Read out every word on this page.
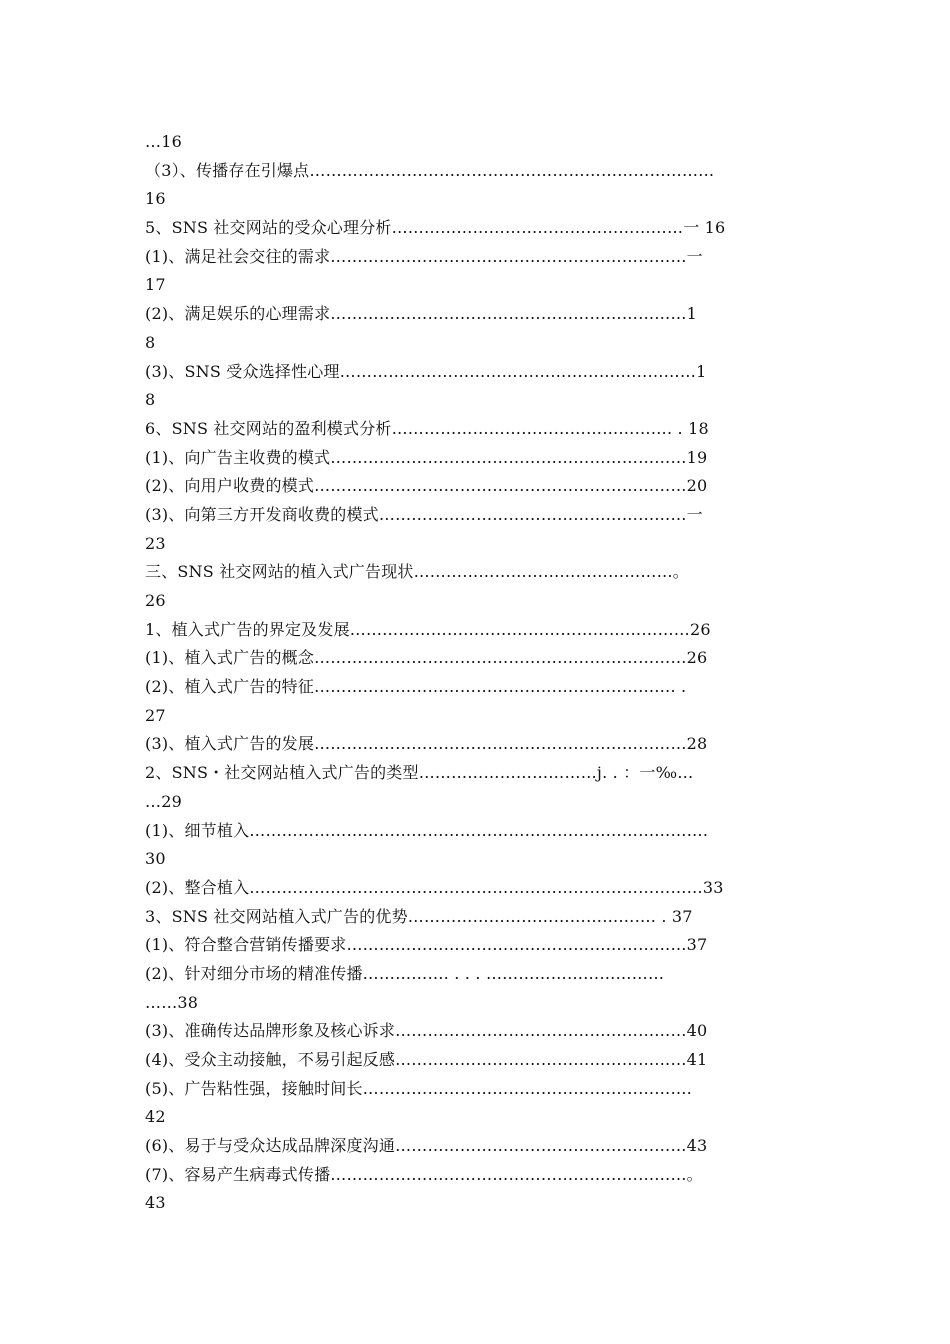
…16
（3）、传播存在引爆点…………………………………………………………………
16
5、SNS 社交网站的受众心理分析………………………………………………一 16
(1)、满足社会交往的需求…………………………………………………………一
17
(2)、满足娱乐的心理需求…………………………………………………………1
8
(3)、SNS 受众选择性心理…………………………………………………………1
8
6、SNS 社交网站的盈利模式分析……………………………………………. . 18
(1)、向广告主收费的模式…………………………………………………………19
(2)、向用户收费的模式……………………………………………………………20
(3)、向第三方开发商收费的模式…………………………………………………一
23
三、SNS 社交网站的植入式广告现状…………………………………………。
26
1、植入式广告的界定及发展………………………………………………………26
(1)、植入式广告的概念……………………………………………………………26
(2)、植入式广告的特征…………………………………………………………. .
27
(3)、植入式广告的发展……………………………………………………………28
2、SNS・社交网站植入式广告的类型……………………………j. . ：一‰…
…29
(1)、细节植入………………………………………………………………………….
30
(2)、整合植入…………………………………………………………………………33
3、SNS 社交网站植入式广告的优势………………………………………. . 37
(1)、符合整合营销传播要求………………………………………………………37
(2)、针对细分市场的精准传播……………. . . . ……………………………
……38
(3)、准确传达品牌形象及核心诉求………………………………………………40
(4)、受众主动接触，不易引起反感………………………………………………41
(5)、广告粘性强，接触时间长…………………………………………………….
42
(6)、易于与受众达成品牌深度沟通………………………………………………43
(7)、容易产生病毒式传播…………………………………………………………。
43
